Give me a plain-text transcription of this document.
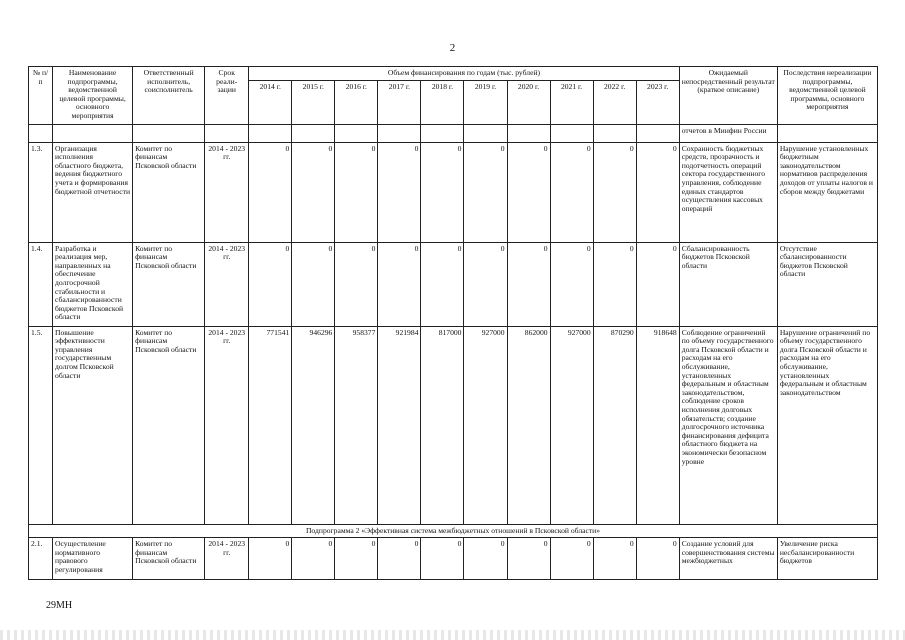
2
№ п/п	Наименование подпрограммы, ведомственной целевой программы, основного мероприятия	Ответственный исполнитель, соисполнитель	Срок реали-зации	Объем финансирования по годам (тыс. рублей)										Ожидаемый непосредственный результат (краткое описание)	Последствия нереализации подпрограммы, ведомственной целевой программы, основного мероприятия
				2014 г.	2015 г.	2016 г.	2017 г.	2018 г.	2019 г.	2020 г.	2021 г.	2022 г.	2023 г.		
														отчетов в Минфин России	
1.3.	Организация исполнения областного бюджета, ведения бюджетного учета и формирования бюджетной отчетности	Комитет по финансам Псковской области	2014 - 2023 гг.	0	0	0	0	0	0	0	0	0	0	Сохранность бюджетных средств, прозрачность и подотчетность операций сектора государственного управления, соблюдение единых стандартов осуществления кассовых операций	Нарушение установленных бюджетным законодательством нормативов распределения доходов от уплаты налогов и сборов между бюджетами
1.4.	Разработка и реализация мер, направленных на обеспечение долгосрочной стабильности и сбалансированности бюджетов Псковской области	Комитет по финансам Псковской области	2014 - 2023 гг.	0	0	0	0	0	0	0	0	0	0	Сбалансированность бюджетов Псковской области	Отсутствие сбалансированности бюджетов Псковской области
1.5.	Повышение эффективности управления государственным долгом Псковской области	Комитет по финансам Псковской области	2014 - 2023 гг.	771541	946296	958377	921984	817000	927000	862000	927000	870290	918648	Соблюдение ограничений по объему государственного долга Псковской области и расходам на его обслуживание, установленных федеральным и областным законодательством, соблюдение сроков исполнения долговых обязательств; создание долгосрочного источника финансирования дефицита областного бюджета на экономически безопасном уровне	Нарушение ограничений по объему государственного долга Псковской области и расходам на его обслуживание, установленных федеральным и областным законодательством
Подпрограмма 2 «Эффективная система межбюджетных отношений в Псковской области»															
2.1.	Осуществление нормативного правового регулирования	Комитет по финансам Псковской области	2014 - 2023 гг.	0	0	0	0	0	0	0	0	0	0	Создание условий для совершенствования системы межбюджетных	Увеличение риска несбалансированности бюджетов
29МН
